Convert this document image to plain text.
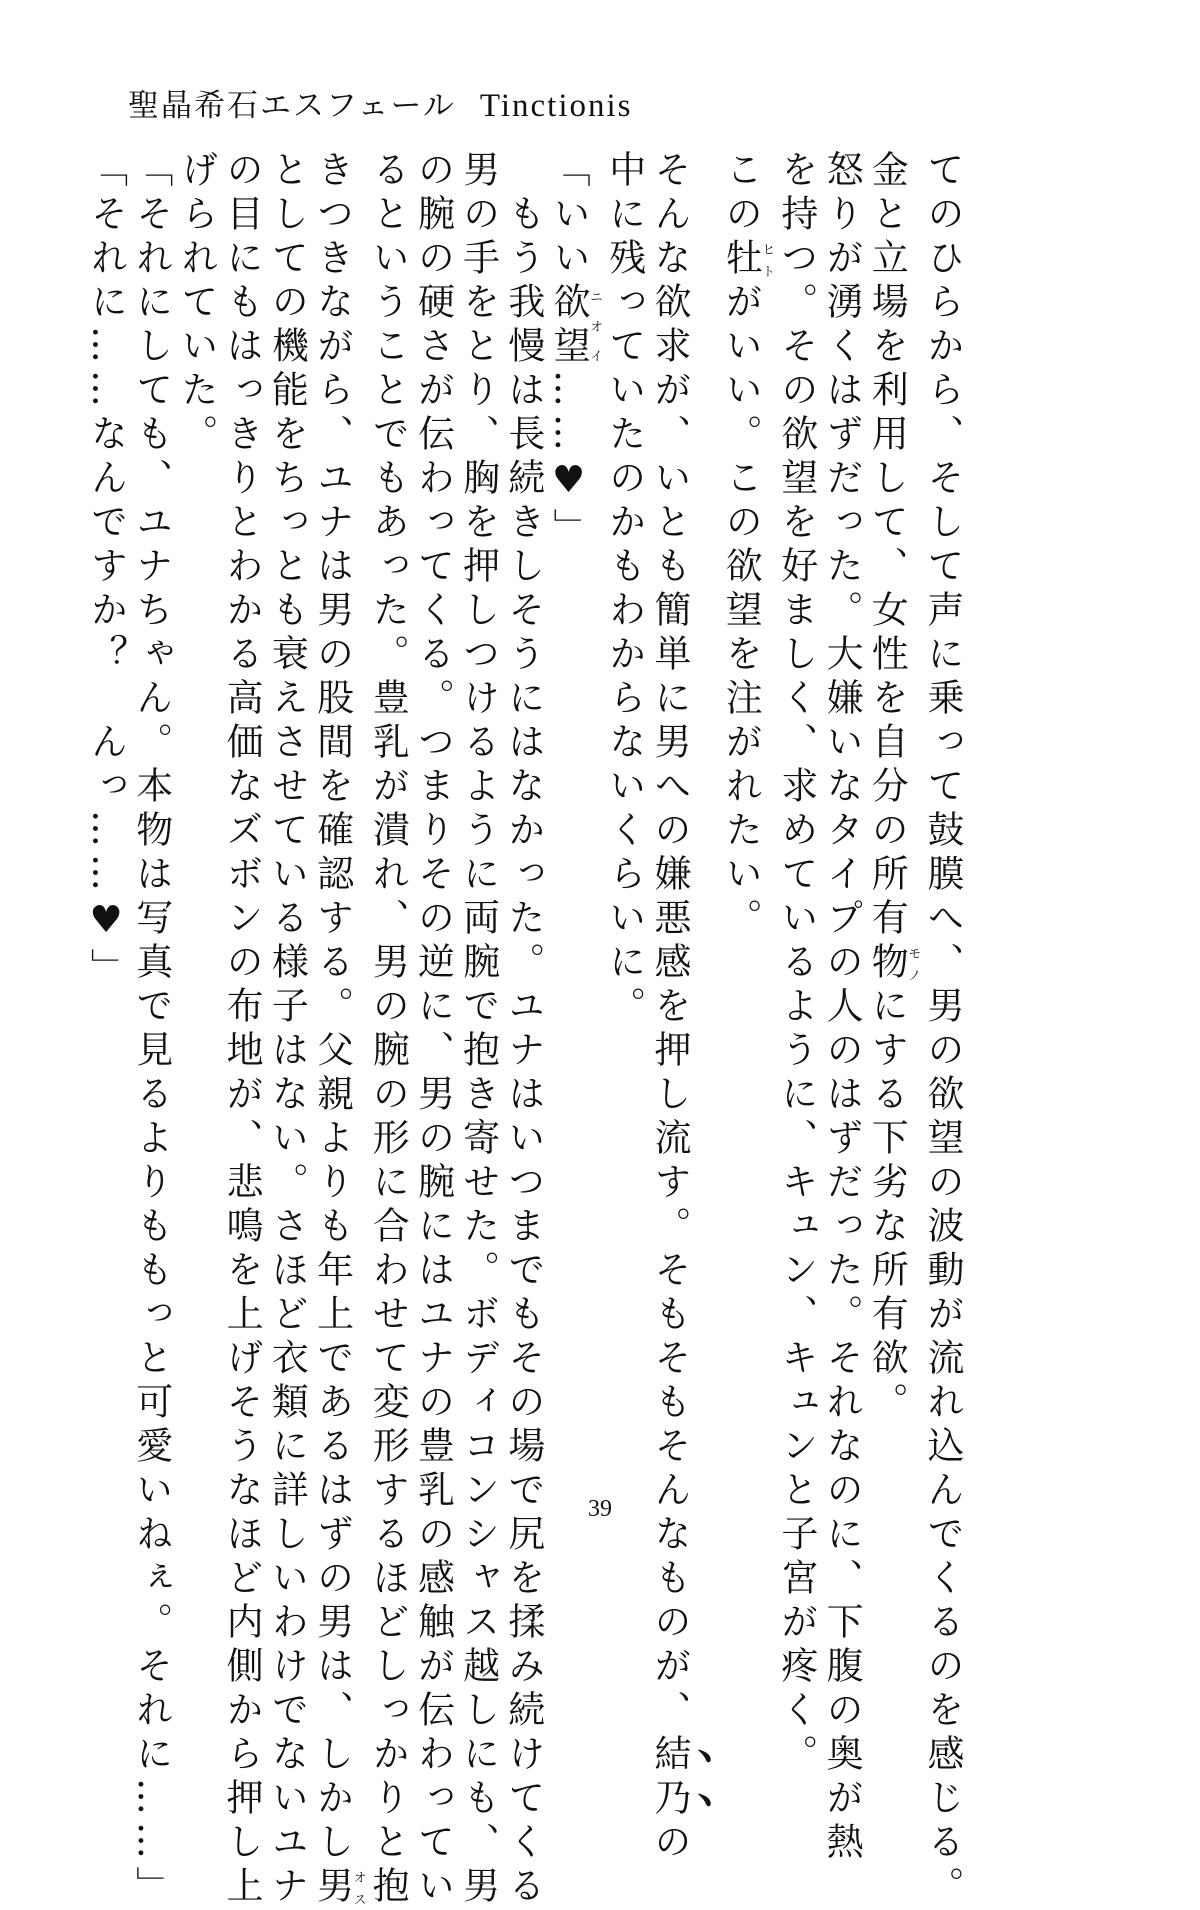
聖晶希石エスフェール Tinctionis
てのひらから、そして声に乗って鼓膜へ、男の欲望の波動が流れ込んでくるのを感じる。
金と立場を利用して、女性を自分の所有物モノにする下劣な所有欲。
怒りが湧くはずだった。大嫌いなタイプの人のはずだった。それなのに、下腹の奥が熱
を持つ。その欲望を好ましく、求めているように、キュン、キュンと子宮が疼く。
この牡ヒトがいい。この欲望を注がれたい。
そんな欲求が、いとも簡単に男への嫌悪感を押し流す。そもそもそんなものが、結乃の
中に残っていたのかもわからないくらいに。
「いい欲望ニオイ……♥」
　もう我慢は長続きしそうにはなかった。ユナはいつまでもその場で尻を揉み続けてくる
男の手をとり、胸を押しつけるように両腕で抱き寄せた。ボディコンシャス越しにも、男
の腕の硬さが伝わってくる。つまりその逆に、男の腕にはユナの豊乳の感触が伝わってい
るということでもあった。豊乳が潰れ、男の腕の形に合わせて変形するほどしっかりと抱
きつきながら、ユナは男の股間を確認する。父親よりも年上であるはずの男は、しかし男オス
としての機能をちっとも衰えさせている様子はない。さほど衣類に詳しいわけでないユナ
の目にもはっきりとわかる高価なズボンの布地が、悲鳴を上げそうなほど内側から押し上
げられていた。
「それにしても、ユナちゃん。本物は写真で見るよりももっと可愛いねぇ。それに……」
「それに……なんですか？　んっ……♥」
39
